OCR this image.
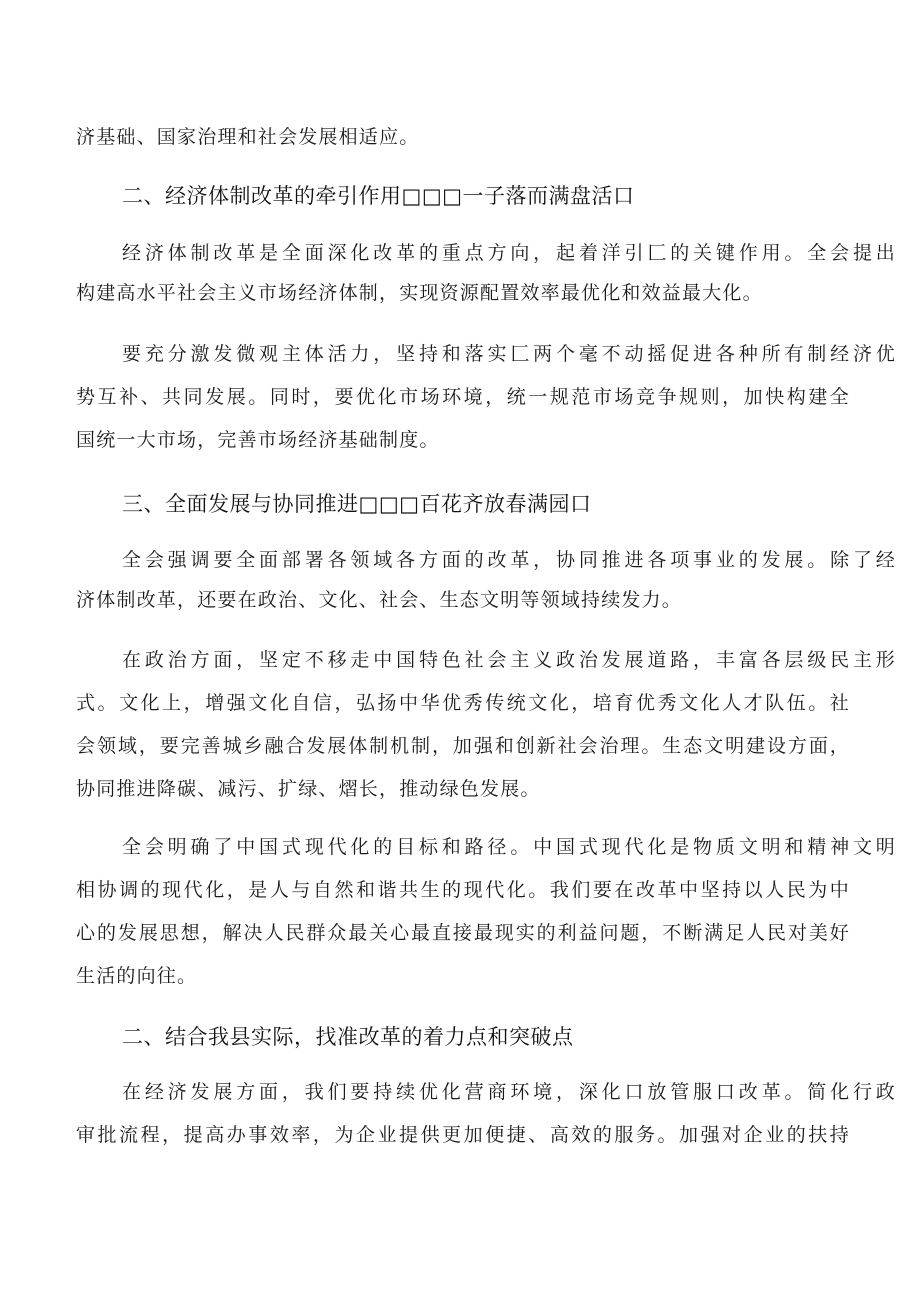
济基础、国家治理和社会发展相适应。
二、经济体制改革的牵引作用□□□一子落而满盘活口
经济体制改革是全面深化改革的重点方向，起着洋引匚的关键作用。全会提出
构建高水平社会主义市场经济体制，实现资源配置效率最优化和效益最大化。
要充分激发微观主体活力，坚持和落实匚两个毫不动摇促进各种所有制经济优
势互补、共同发展。同时，要优化市场环境，统一规范市场竞争规则，加快构建全
国统一大市场，完善市场经济基础制度。
三、全面发展与协同推进□□□百花齐放春满园口
全会强调要全面部署各领域各方面的改革，协同推进各项事业的发展。除了经
济体制改革，还要在政治、文化、社会、生态文明等领域持续发力。
在政治方面，坚定不移走中国特色社会主义政治发展道路，丰富各层级民主形
式。文化上，增强文化自信，弘扬中华优秀传统文化，培育优秀文化人才队伍。社
会领域，要完善城乡融合发展体制机制，加强和创新社会治理。生态文明建设方面，
协同推进降碳、减污、扩绿、熠长，推动绿色发展。
全会明确了中国式现代化的目标和路径。中国式现代化是物质文明和精神文明
相协调的现代化，是人与自然和谐共生的现代化。我们要在改革中坚持以人民为中
心的发展思想，解决人民群众最关心最直接最现实的利益问题，不断满足人民对美好
生活的向往。
二、结合我县实际，找准改革的着力点和突破点
在经济发展方面，我们要持续优化营商环境，深化口放管服口改革。简化行政
审批流程，提高办事效率，为企业提供更加便捷、高效的服务。加强对企业的扶持
